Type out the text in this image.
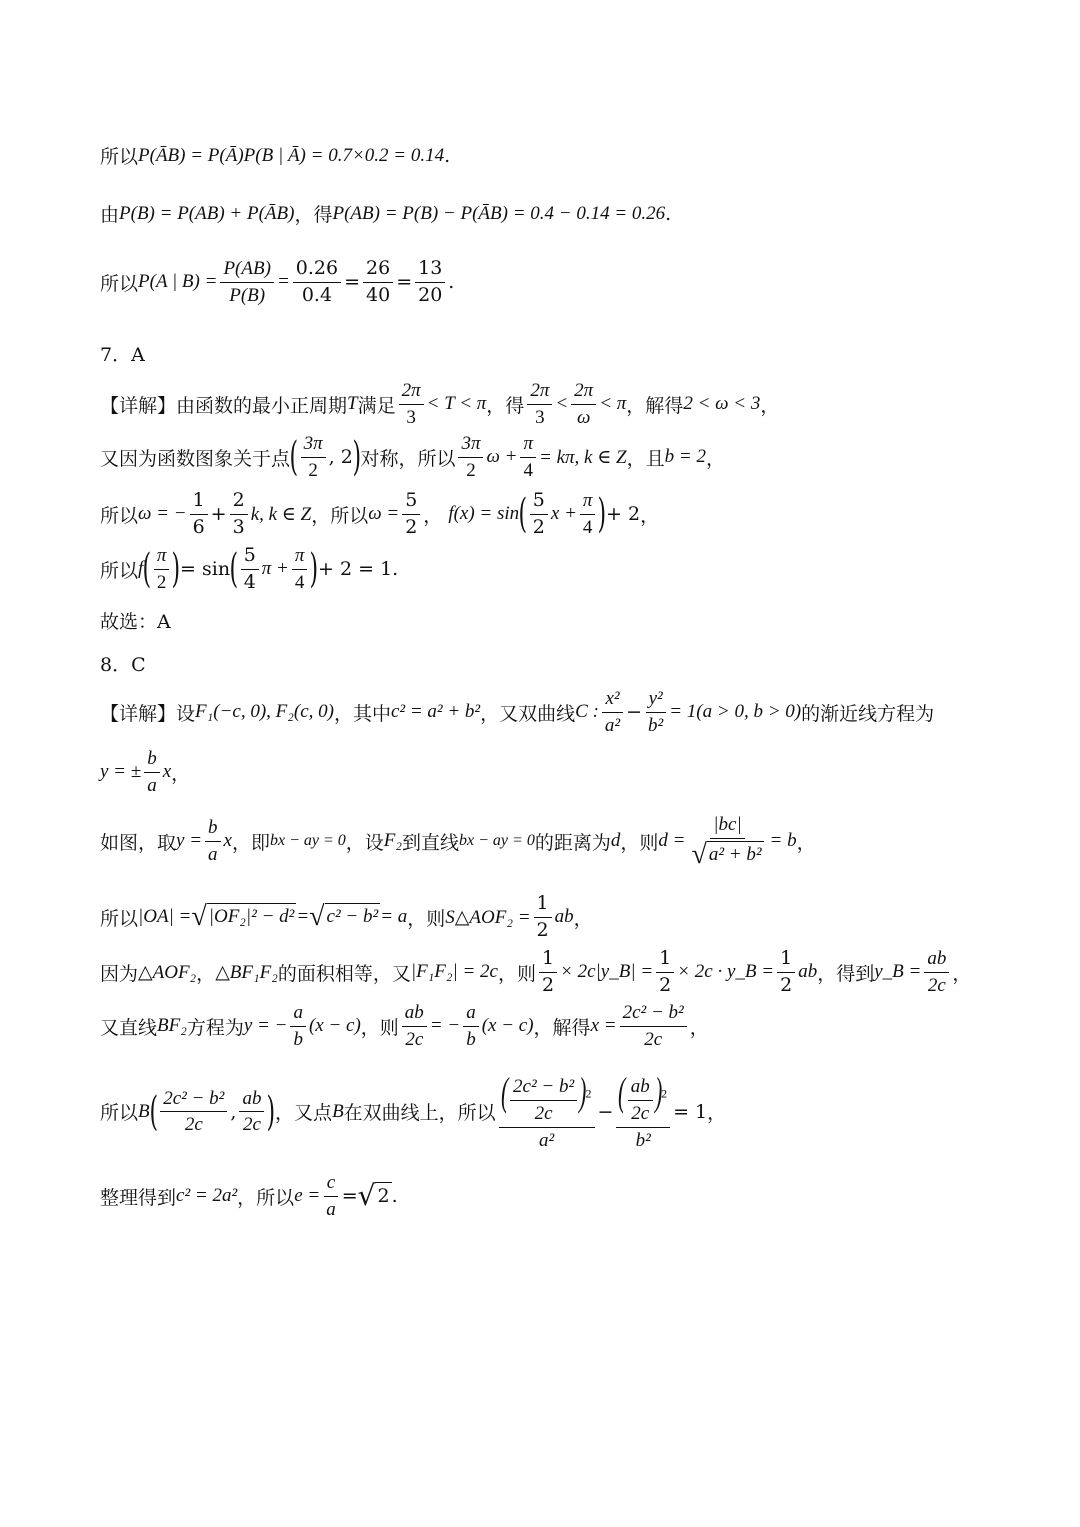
所以 P(ĀB) = P(Ā)P(B | Ā) = 0.7×0.2 = 0.14 .
由 P(B) = P(AB) + P(ĀB) ，得 P(AB) = P(B) − P(ĀB) = 0.4 − 0.14 = 0.26 .
所以 P(A | $B) = \frac{P(AB)}{P(B)} = \frac{0.26}{0.4} = \frac{26}{40} = \frac{13}{20}$ .
7．A
【详解】 由函数的最小正周期 T 满足 $\frac{2\pi}{3} < T < \pi$ ，得 $\frac{2\pi}{3} < \frac{2\pi}{\omega} < \pi$ ，解得 2 < ω < 3 ，
又因为函数图象关于点 ( $\frac{3\pi}{2}$ , 2 ) 对称，所以 $\frac{3\pi}{2}$ $\omega + \frac{\pi}{4} = k\pi$, k ∈ Z ，且 b = 2 ，
所以 ω = − $\frac{1}{6} + \frac{2}{3} k$, k ∈ Z ，所以 $\omega = \frac{5}{2}$ ， f(x) = sin ( $\frac{5}{2}$ $x + \frac{\pi}{4}$ ) + 2 ，
所以 f ( $\frac{\pi}{2}$ ) = sin ( $\frac{5}{4}$ $\pi + \frac{\pi}{4}$ ) + 2 = 1 .
故选：A
8．C
【详解】 设 F₁(−c, 0), F₂(c, 0) ，其中 c² = a² + b² ，又双曲线 C : $\frac{\text{x²}}{\text{a²}} - \frac{\text{y²}}{\text{b²}} = 1(a > 0$, b > 0) 的渐近线方程为
y = ± $\frac{b}{a}$ x ，
如图，取 $y = \frac{b}{a}$ x ，即 bx − ay = 0 ，设 F₂ 到直线 bx − ay = 0 的距离为 d ，则 $d = \frac{|bc|}{\text{√ a² + b²}} = b$ ，
所以 |OA| = √ |OF₂|² − d² = √ c² − b² = a ，则 S△AOF₂ = $\frac{1}{2}$ ab ，
因为 △AOF₂ ， △BF₁F₂ 的面积相等，又 |F₁F₂| = 2c ，则 $\frac{1}{2}$ × 2c|y_B| = $\frac{1}{2} \times 2c$ · y_B = $\frac{1}{2}$ ab ，得到 y_B = $\frac{ab}{2c}$ ，
又直线 BF₂ 方程为 y = − $\frac{a}{b} (x - c)$ ，则 $\frac{ab}{2c}$ = − $\frac{a}{b} (x - c)$ ，解得 $x = \frac{\text{2c² − b²}}{2c}$ ，
所以 B ( $\frac{\text{2c² − b²}}{2c}$ , $\frac{ab}{2c}$ ) ，又点 B 在双曲线上，所以 $\frac{( \frac{\text{2c² − b²}}{2c} )^2}{\text{a²}} - \frac{( \frac{ab}{2c} )^2}{\text{b²}} = 1$ ，
整理得到 c² = 2a² ，所以 $e = \frac{c}{a}$ = √ 2 .
